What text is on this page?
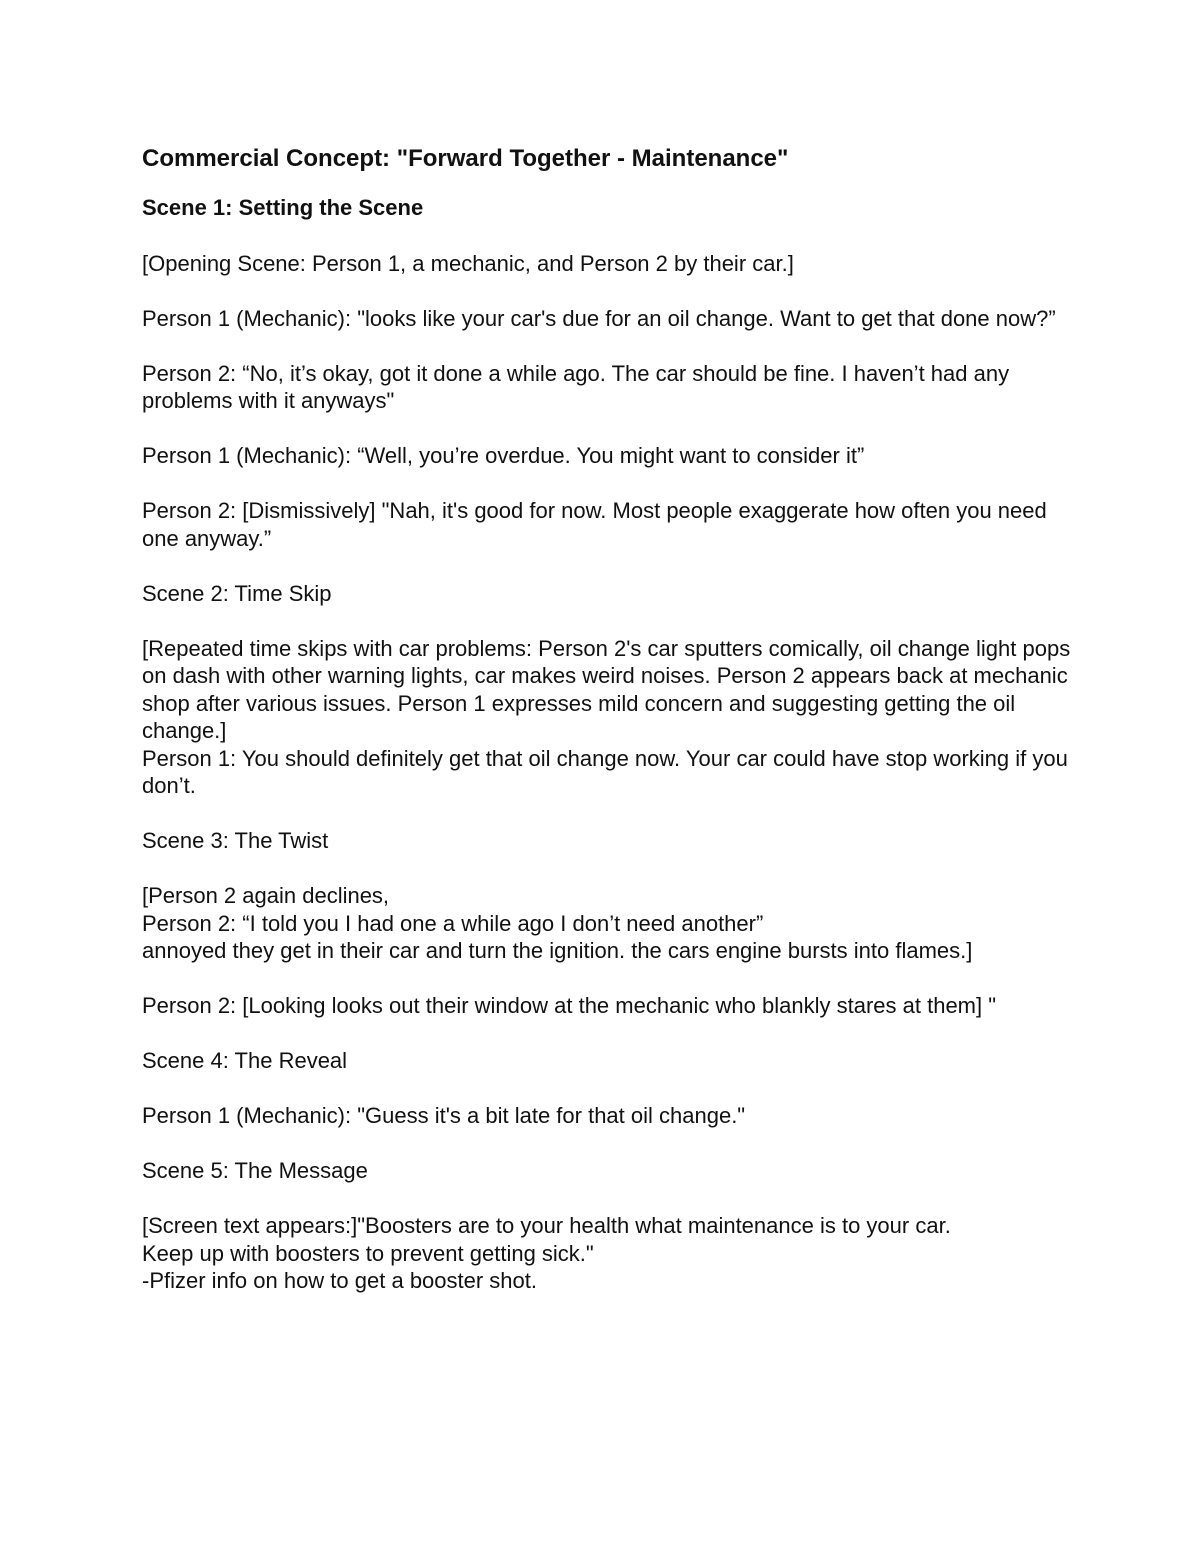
Commercial Concept: "Forward Together - Maintenance"
Scene 1: Setting the Scene

[Opening Scene: Person 1, a mechanic, and Person 2 by their car.]

Person 1 (Mechanic): "looks like your car's due for an oil change. Want to get that done now?”

Person 2: “No, it’s okay, got it done a while ago. The car should be fine. I haven’t had any problems with it anyways"

Person 1 (Mechanic): “Well, you’re overdue. You might want to consider it”

Person 2: [Dismissively] "Nah, it's good for now. Most people exaggerate how often you need one anyway.”

Scene 2: Time Skip

[Repeated time skips with car problems: Person 2's car sputters comically, oil change light pops on dash with other warning lights, car makes weird noises. Person 2 appears back at mechanic shop after various issues. Person 1 expresses mild concern and suggesting getting the oil change.]

Person 1: You should definitely get that oil change now. Your car could have stop working if you don’t.

Scene 3: The Twist

[Person 2 again declines,

Person 2: “I told you I had one a while ago I don’t need another”

annoyed they get in their car and turn the ignition. the cars engine bursts into flames.]

Person 2: [Looking looks out their window at the mechanic who blankly stares at them] "

Scene 4: The Reveal

Person 1 (Mechanic): "Guess it's a bit late for that oil change."

Scene 5: The Message

[Screen text appears:]"Boosters are to your health what maintenance is to your car.

Keep up with boosters to prevent getting sick."

-Pfizer info on how to get a booster shot.
